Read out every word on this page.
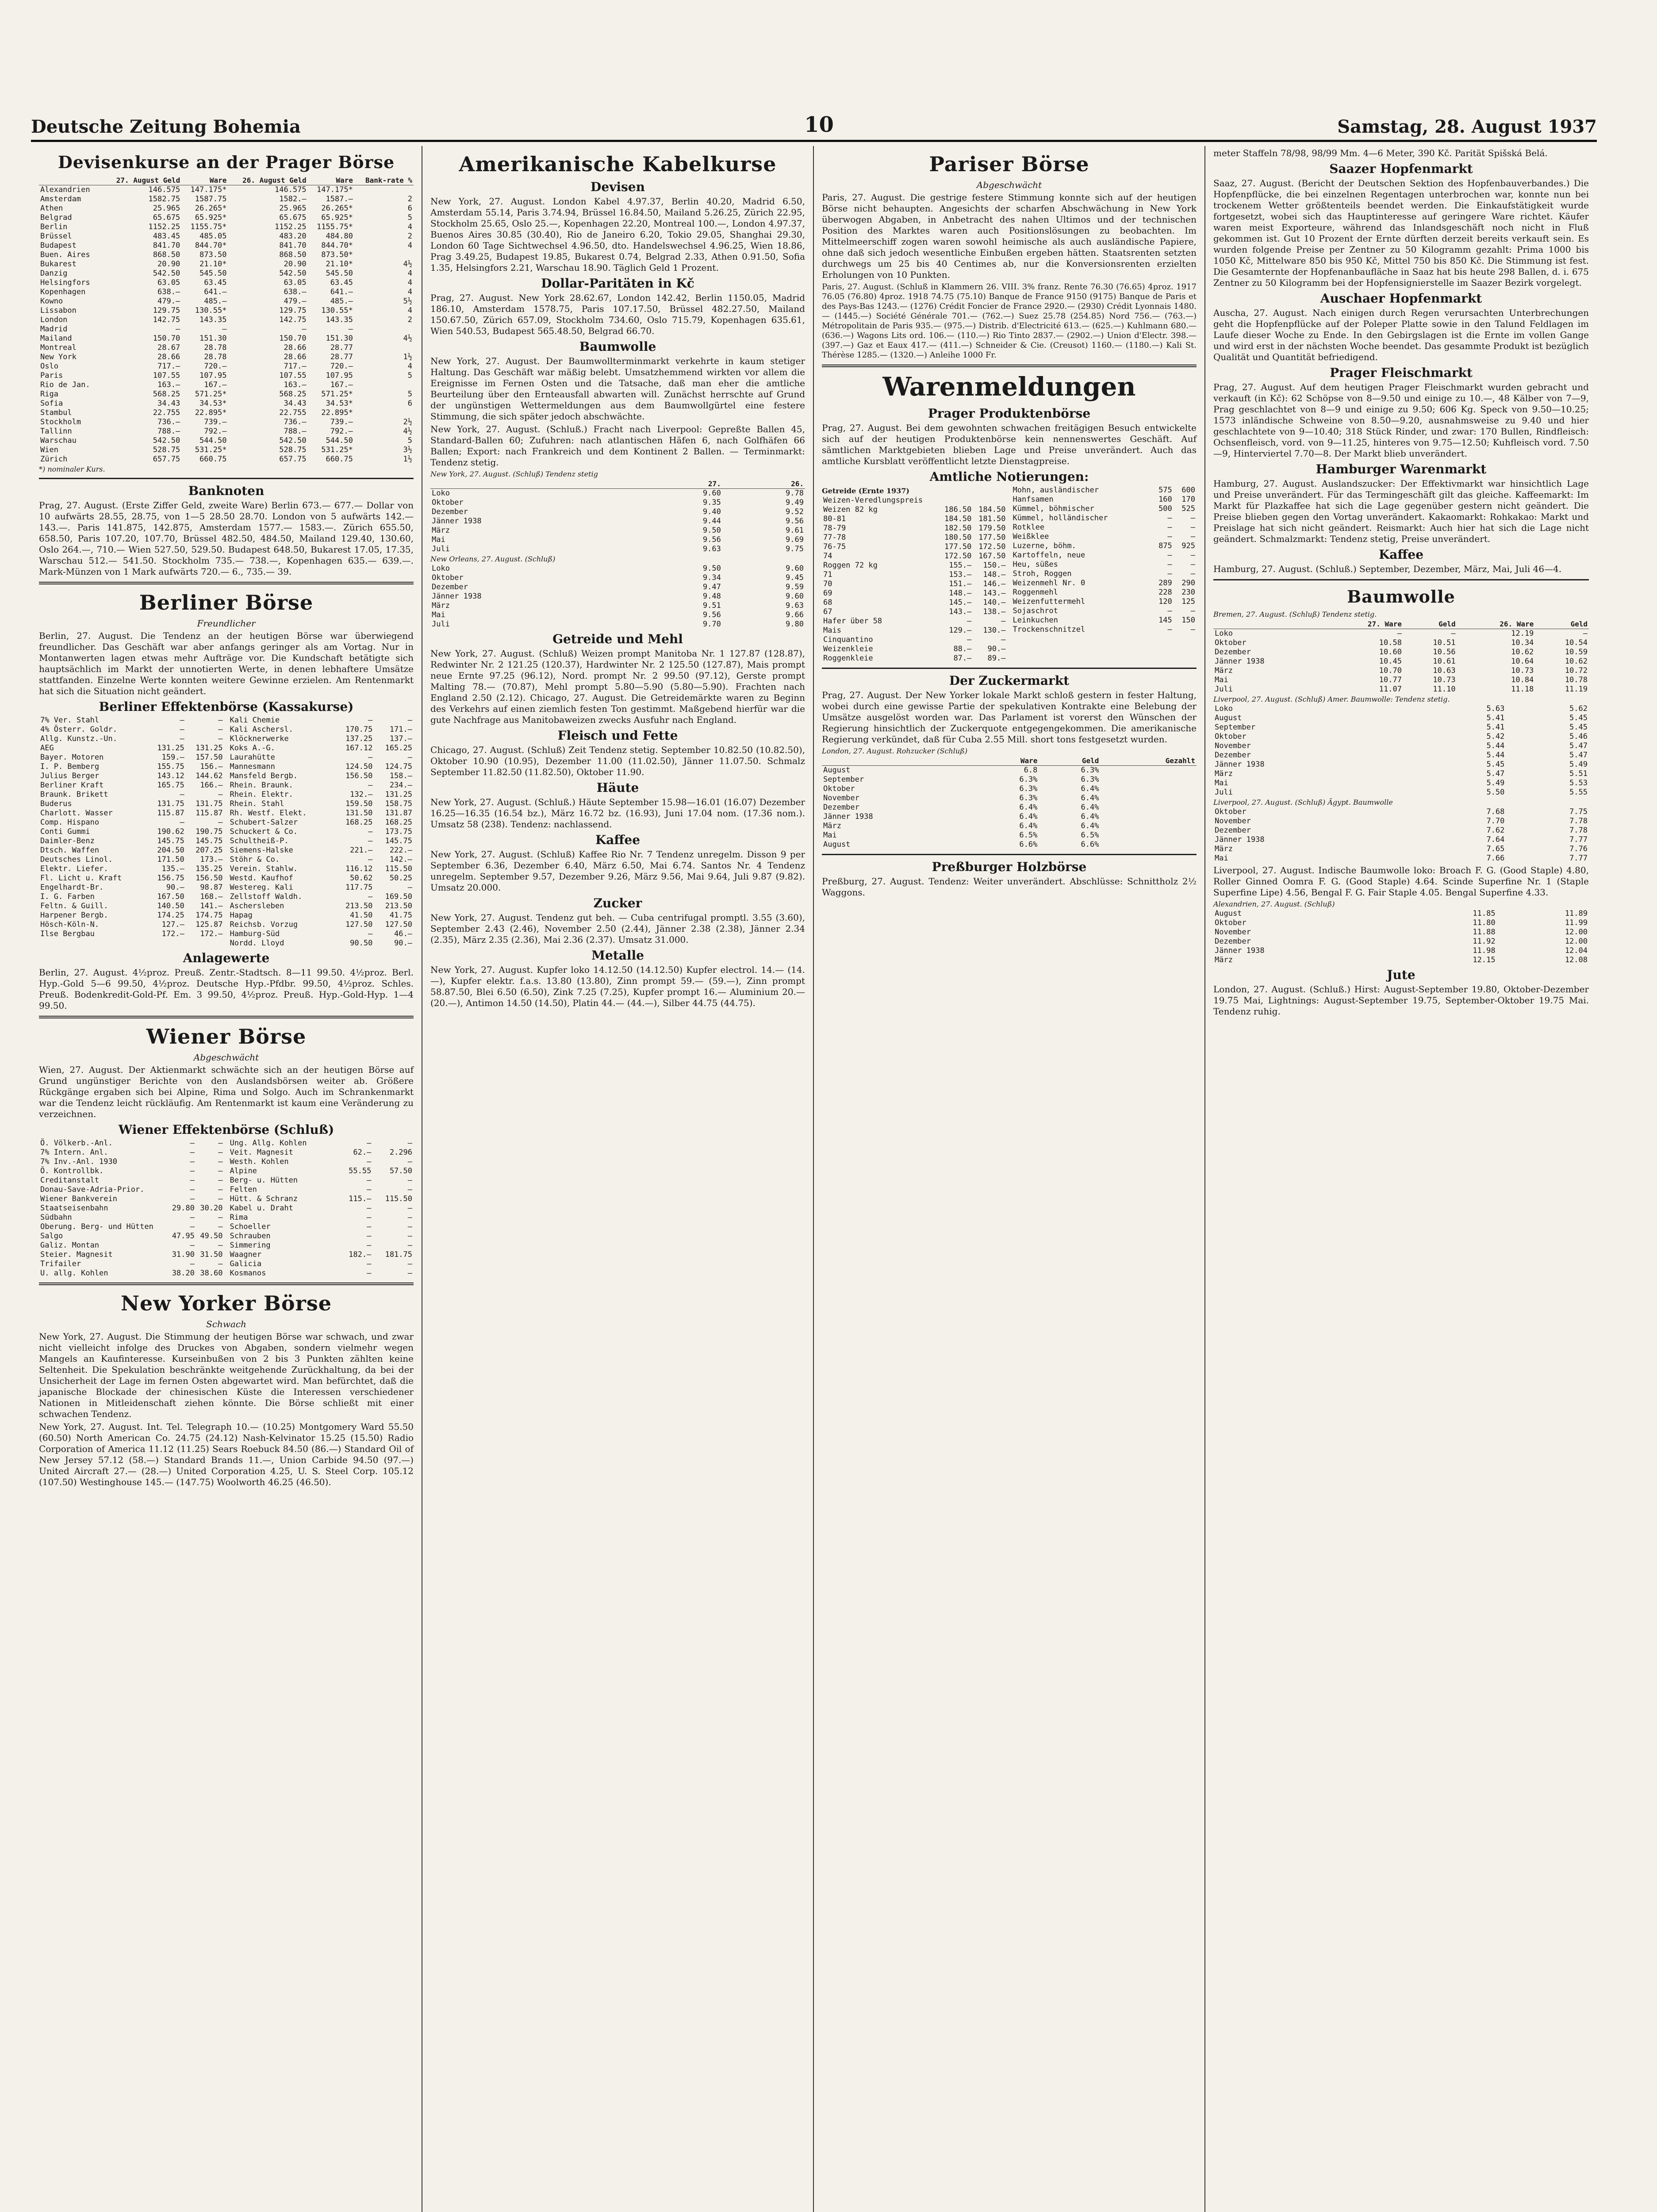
Deutsche Zeitung Bohemia	10	Samstag, 28. August 1937
Devisenkurse an der Prager Börse
	27. August Geld	Ware	26. August Geld	Ware	Bank-rate %
Alexandrien	146.575	147.175*	146.575	147.175*	
Amsterdam	1582.75	1587.75	1582.—	1587.—	2
Athen	25.965	26.265*	25.965	26.265*	6
Belgrad	65.675	65.925*	65.675	65.925*	5
Berlin	1152.25	1155.75*	1152.25	1155.75*	4
Brüssel	483.45	485.05	483.20	484.80	2
Budapest	841.70	844.70*	841.70	844.70*	4
Buen. Aires	868.50	873.50	868.50	873.50*	
Bukarest	20.90	21.10*	20.90	21.10*	4½
Danzig	542.50	545.50	542.50	545.50	4
Helsingfors	63.05	63.45	63.05	63.45	4
Kopenhagen	638.—	641.—	638.—	641.—	4
Kowno	479.—	485.—	479.—	485.—	5½
Lissabon	129.75	130.55*	129.75	130.55*	4
London	142.75	143.35	142.75	143.35	2
Madrid	—	—	—	—	
Mailand	150.70	151.30	150.70	151.30	4½
Montreal	28.67	28.78	28.66	28.77	
New York	28.66	28.78	28.66	28.77	1½
Oslo	717.—	720.—	717.—	720.—	4
Paris	107.55	107.95	107.55	107.95	5
Rio de Jan.	163.—	167.—	163.—	167.—	
Riga	568.25	571.25*	568.25	571.25*	5
Sofia	34.43	34.53*	34.43	34.53*	6
Stambul	22.755	22.895*	22.755	22.895*	
Stockholm	736.—	739.—	736.—	739.—	2½
Tallinn	788.—	792.—	788.—	792.—	4½
Warschau	542.50	544.50	542.50	544.50	5
Wien	528.75	531.25*	528.75	531.25*	3½
Zürich	657.75	660.75	657.75	660.75	1½
*) nominaler Kurs.
Banknoten

Prag, 27. August. (Erste Ziffer Geld, zweite Ware) Berlin 673.— 677.— Dollar von 10 aufwärts 28.55, 28.75, von 1—5 28.50 28.70. London von 5 aufwärts 142.— 143.—. Paris 141.875, 142.875, Amsterdam 1577.— 1583.—. Zürich 655.50, 658.50, Paris 107.20, 107.70, Brüssel 482.50, 484.50, Mailand 129.40, 130.60, Oslo 264.—, 710.— Wien 527.50, 529.50. Budapest 648.50, Bukarest 17.05, 17.35, Warschau 512.— 541.50. Stockholm 735.— 738.—, Kopenhagen 635.— 639.—. Mark-Münzen von 1 Mark aufwärts 720.— 6., 735.— 39.

Berliner Börse
Freundlicher

Berlin, 27. August. Die Tendenz an der heutigen Börse war überwiegend freundlicher. Das Geschäft war aber anfangs geringer als am Vortag. Nur in Montanwerten lagen etwas mehr Aufträge vor. Die Kundschaft betätigte sich hauptsächlich im Markt der unnotierten Werte, in denen lebhaftere Umsätze stattfanden. Einzelne Werte konnten weitere Gewinne erzielen. Am Rentenmarkt hat sich die Situation nicht geändert.

Berliner Effektenbörse (Kassakurse)
7% Ver. Stahl	—	—
4% Österr. Goldr.	—	—
Allg. Kunstz.-Un.	—	—
AEG	131.25	131.25
Bayer. Motoren	159.—	157.50
I. P. Bemberg	155.75	156.—
Julius Berger	143.12	144.62
Berliner Kraft	165.75	166.—
Braunk. Brikett	—	—
Buderus	131.75	131.75
Charlott. Wasser	115.87	115.87
Comp. Hispano	—	—
Conti Gummi	190.62	190.75
Daimler-Benz	145.75	145.75
Dtsch. Waffen	204.50	207.25
Deutsches Linol.	171.50	173.—
Elektr. Liefer.	135.—	135.25
Fl. Licht u. Kraft	156.75	156.50
Engelhardt-Br.	90.—	98.87
I. G. Farben	167.50	168.—
Feltn. & Guill.	140.50	141.—
Harpener Bergb.	174.25	174.75
Hösch-Köln-N.	127.—	125.87
Ilse Bergbau	172.—	172.—
Kali Chemie	—	—
Kali Aschersl.	170.75	171.—
Klöcknerwerke	137.25	137.—
Koks A.-G.	167.12	165.25
Laurahütte	—	—
Mannesmann	124.50	124.75
Mansfeld Bergb.	156.50	158.—
Rhein. Braunk.	—	234.—
Rhein. Elektr.	132.—	131.25
Rhein. Stahl	159.50	158.75
Rh. Westf. Elekt.	131.50	131.87
Schubert-Salzer	168.25	168.25
Schuckert & Co.	—	173.75
Schultheiß-P.	—	145.75
Siemens-Halske	221.—	222.—
Stöhr & Co.	—	142.—
Verein. Stahlw.	116.12	115.50
Westd. Kaufhof	50.62	50.25
Westereg. Kali	117.75	—
Zellstoff Waldh.	—	169.50
Aschersleben	213.50	213.50
Hapag	41.50	41.75
Reichsb. Vorzug	127.50	127.50
Hamburg-Süd	—	46.—
Nordd. Lloyd	90.50	90.—
Anlagewerte

Berlin, 27. August. 4½proz. Preuß. Zentr.-Stadtsch. 8—11 99.50. 4½proz. Berl. Hyp.-Gold 5—6 99.50, 4½proz. Deutsche Hyp.-Pfdbr. 99.50, 4½proz. Schles. Preuß. Bodenkredit-Gold-Pf. Em. 3 99.50, 4½proz. Preuß. Hyp.-Gold-Hyp. 1—4 99.50.

Wiener Börse
Abgeschwächt

Wien, 27. August. Der Aktienmarkt schwächte sich an der heutigen Börse auf Grund ungünstiger Berichte von den Auslandsbörsen weiter ab. Größere Rückgänge ergaben sich bei Alpine, Rima und Solgo. Auch im Schrankenmarkt war die Tendenz leicht rückläufig. Am Rentenmarkt ist kaum eine Veränderung zu verzeichnen.

Wiener Effektenbörse (Schluß)
Ö. Völkerb.-Anl.	—	—
7% Intern. Anl.	—	—
7% Inv.-Anl. 1930	—	—
Ö. Kontrollbk.	—	—
Creditanstalt	—	—
Donau-Save-Adria-Prior.	—	—
Wiener Bankverein	—	—
Staatseisenbahn	29.80	30.20
Südbahn	—	—
Oberung. Berg- und Hütten	—	—
Salgo	47.95	49.50
Galiz. Montan	—	—
Steier. Magnesit	31.90	31.50
Trifailer	—	—
U. allg. Kohlen	38.20	38.60
Ung. Allg. Kohlen	—	—
Veit. Magnesit	62.—	2.296
Westh. Kohlen	—	—
Alpine	55.55	57.50
Berg- u. Hütten	—	—
Felten	—	—
Hütt. & Schranz	115.—	115.50
Kabel u. Draht	—	—
Rima	—	—
Schoeller	—	—
Schrauben	—	—
Simmering	—	—
Waagner	182.—	181.75
Galicia	—	—
Kosmanos	—	—
New Yorker Börse
Schwach

New York, 27. August. Die Stimmung der heutigen Börse war schwach, und zwar nicht vielleicht infolge des Druckes von Abgaben, sondern vielmehr wegen Mangels an Kaufinteresse. Kurseinbußen von 2 bis 3 Punkten zählten keine Seltenheit. Die Spekulation beschränkte weitgehende Zurückhaltung, da bei der Unsicherheit der Lage im fernen Osten abgewartet wird. Man befürchtet, daß die japanische Blockade der chinesischen Küste die Interessen verschiedener Nationen in Mitleidenschaft ziehen könnte. Die Börse schließt mit einer schwachen Tendenz.

New York, 27. August. Int. Tel. Telegraph 10.— (10.25) Montgomery Ward 55.50 (60.50) North American Co. 24.75 (24.12) Nash-Kelvinator 15.25 (15.50) Radio Corporation of America 11.12 (11.25) Sears Roebuck 84.50 (86.—) Standard Oil of New Jersey 57.12 (58.—) Standard Brands 11.—, Union Carbide 94.50 (97.—) United Aircraft 27.— (28.—) United Corporation 4.25, U. S. Steel Corp. 105.12 (107.50) Westinghouse 145.— (147.75) Woolworth 46.25 (46.50).

Amerikanische Kabelkurse
Devisen

New York, 27. August. London Kabel 4.97.37, Berlin 40.20, Madrid 6.50, Amsterdam 55.14, Paris 3.74.94, Brüssel 16.84.50, Mailand 5.26.25, Zürich 22.95, Stockholm 25.65, Oslo 25.—, Kopenhagen 22.20, Montreal 100.—, London 4.97.37, Buenos Aires 30.85 (30.40), Rio de Janeiro 6.20, Tokio 29.05, Shanghai 29.30, London 60 Tage Sichtwechsel 4.96.50, dto. Handelswechsel 4.96.25, Wien 18.86, Prag 3.49.25, Budapest 19.85, Bukarest 0.74, Belgrad 2.33, Athen 0.91.50, Sofia 1.35, Helsingfors 2.21, Warschau 18.90. Täglich Geld 1 Prozent.

Dollar-Paritäten in Kč

Prag, 27. August. New York 28.62.67, London 142.42, Berlin 1150.05, Madrid 186.10, Amsterdam 1578.75, Paris 107.17.50, Brüssel 482.27.50, Mailand 150.67.50, Zürich 657.09, Stockholm 734.60, Oslo 715.79, Kopenhagen 635.61, Wien 540.53, Budapest 565.48.50, Belgrad 66.70.

Baumwolle

New York, 27. August. Der Baumwollterminmarkt verkehrte in kaum stetiger Haltung. Das Geschäft war mäßig belebt. Umsatzhemmend wirkten vor allem die Ereignisse im Fernen Osten und die Tatsache, daß man eher die amtliche Beurteilung über den Ernteausfall abwarten will. Zunächst herrschte auf Grund der ungünstigen Wettermeldungen aus dem Baumwollgürtel eine festere Stimmung, die sich später jedoch abschwächte.

New York, 27. August. (Schluß.) Fracht nach Liverpool: Gepreßte Ballen 45, Standard-Ballen 60; Zufuhren: nach atlantischen Häfen 6, nach Golfhäfen 66 Ballen; Export: nach Frankreich und dem Kontinent 2 Ballen. — Terminmarkt: Tendenz stetig.

New York, 27. August. (Schluß) Tendenz stetig
	27.	26.
Loko	9.60	9.78
Oktober	9.35	9.49
Dezember	9.40	9.52
Jänner 1938	9.44	9.56
März	9.50	9.61
Mai	9.56	9.69
Juli	9.63	9.75
New Orleans, 27. August. (Schluß)
Loko	9.50	9.60
Oktober	9.34	9.45
Dezember	9.47	9.59
Jänner 1938	9.48	9.60
März	9.51	9.63
Mai	9.56	9.66
Juli	9.70	9.80
Getreide und Mehl

New York, 27. August. (Schluß) Weizen prompt Manitoba Nr. 1 127.87 (128.87), Redwinter Nr. 2 121.25 (120.37), Hardwinter Nr. 2 125.50 (127.87), Mais prompt neue Ernte 97.25 (96.12), Nord. prompt Nr. 2 99.50 (97.12), Gerste prompt Malting 78.— (70.87), Mehl prompt 5.80—5.90 (5.80—5.90). Frachten nach England 2.50 (2.12). Chicago, 27. August. Die Getreidemärkte waren zu Beginn des Verkehrs auf einen ziemlich festen Ton gestimmt. Maßgebend hierfür war die gute Nachfrage aus Manitobaweizen zwecks Ausfuhr nach England.

Fleisch und Fette

Chicago, 27. August. (Schluß) Zeit Tendenz stetig. September 10.82.50 (10.82.50), Oktober 10.90 (10.95), Dezember 11.00 (11.02.50), Jänner 11.07.50. Schmalz September 11.82.50 (11.82.50), Oktober 11.90.

Häute

New York, 27. August. (Schluß.) Häute September 15.98—16.01 (16.07) Dezember 16.25—16.35 (16.54 bz.), März 16.72 bz. (16.93), Juni 17.04 nom. (17.36 nom.). Umsatz 58 (238). Tendenz: nachlassend.

Kaffee

New York, 27. August. (Schluß) Kaffee Rio Nr. 7 Tendenz unregelm. Disson 9 per September 6.36, Dezember 6.40, März 6.50, Mai 6.74. Santos Nr. 4 Tendenz unregelm. September 9.57, Dezember 9.26, März 9.56, Mai 9.64, Juli 9.87 (9.82). Umsatz 20.000.

Zucker

New York, 27. August. Tendenz gut beh. — Cuba centrifugal promptl. 3.55 (3.60), September 2.43 (2.46), November 2.50 (2.44), Jänner 2.38 (2.38), Jänner 2.34 (2.35), März 2.35 (2.36), Mai 2.36 (2.37). Umsatz 31.000.

Metalle

New York, 27. August. Kupfer loko 14.12.50 (14.12.50) Kupfer electrol. 14.— (14.—), Kupfer elektr. f.a.s. 13.80 (13.80), Zinn prompt 59.— (59.—), Zinn prompt 58.87.50, Blei 6.50 (6.50), Zink 7.25 (7.25), Kupfer prompt 16.— Aluminium 20.— (20.—), Antimon 14.50 (14.50), Platin 44.— (44.—), Silber 44.75 (44.75).

Pariser Börse
Abgeschwächt

Paris, 27. August. Die gestrige festere Stimmung konnte sich auf der heutigen Börse nicht behaupten. Angesichts der scharfen Abschwächung in New York überwogen Abgaben, in Anbetracht des nahen Ultimos und der technischen Position des Marktes waren auch Positionslösungen zu beobachten. Im Mittelmeerschiff zogen waren sowohl heimische als auch ausländische Papiere, ohne daß sich jedoch wesentliche Einbußen ergeben hätten. Staatsrenten setzten durchwegs um 25 bis 40 Centimes ab, nur die Konversionsrenten erzielten Erholungen von 10 Punkten.

Paris, 27. August. (Schluß in Klammern 26. VIII. 3% franz. Rente 76.30 (76.65) 4proz. 1917 76.05 (76.80) 4proz. 1918 74.75 (75.10) Banque de France 9150 (9175) Banque de Paris et des Pays-Bas 1243.— (1276) Crédit Foncier de France 2920.— (2930) Crédit Lyonnais 1480.— (1445.—) Société Générale 701.— (762.—) Suez 25.78 (254.85) Nord 756.— (763.—) Métropolitain de Paris 935.— (975.—) Distrib. d'Electricité 613.— (625.—) Kuhlmann 680.— (636.—) Wagons Lits ord. 106.— (110.—) Rio Tinto 2837.— (2902.—) Union d'Electr. 398.— (397.—) Gaz et Eaux 417.— (411.—) Schneider & Cie. (Creusot) 1160.— (1180.—) Kali St. Thérèse 1285.— (1320.—) Anleihe 1000 Fr.

Warenmeldungen
Prager Produktenbörse

Prag, 27. August. Bei dem gewohnten schwachen freitägigen Besuch entwickelte sich auf der heutigen Produktenbörse kein nennenswertes Geschäft. Auf sämtlichen Marktgebieten blieben Lage und Preise unverändert. Auch das amtliche Kursblatt veröffentlicht letzte Dienstagpreise.

Amtliche Notierungen:
Getreide (Ernte 1937)
Weizen-Veredlungspreis		
Weizen 82 kg	186.50	184.50
80-81	184.50	181.50
78-79	182.50	179.50
77-78	180.50	177.50
76-75	177.50	172.50
74	172.50	167.50
Roggen 72 kg	155.—	150.—
71	153.—	148.—
70	151.—	146.—
69	148.—	143.—
68	145.—	140.—
67	143.—	138.—
Hafer über 58	—	—
Mais	129.—	130.—
Cinquantino	—	—
Weizenkleie	88.—	90.—
Roggenkleie	87.—	89.—
Mohn, ausländischer	575	600
Hanfsamen	160	170
Kümmel, böhmischer	500	525
Kümmel, holländischer	—	—
Rotklee	—	—
Weißklee	—	—
Luzerne, böhm.	875	925
Kartoffeln, neue	—	—
Heu, süßes	—	—
Stroh, Roggen	—	—
Weizenmehl Nr. 0	289	290
Roggenmehl	228	230
Weizenfuttermehl	120	125
Sojaschrot	—	—
Leinkuchen	145	150
Trockenschnitzel	—	—
Der Zuckermarkt

Prag, 27. August. Der New Yorker lokale Markt schloß gestern in fester Haltung, wobei durch eine gewisse Partie der spekulativen Kontrakte eine Belebung der Umsätze ausgelöst worden war. Das Parlament ist vorerst den Wünschen der Regierung hinsichtlich der Zuckerquote entgegengekommen. Die amerikanische Regierung verkündet, daß für Cuba 2.55 Mill. short tons festgesetzt wurden.

London, 27. August. Rohzucker (Schluß)
	Ware	Geld	Gezahlt
August	6.8	6.3%	
September	6.3%	6.3%	
Oktober	6.3%	6.4%	
November	6.3%	6.4%	
Dezember	6.4%	6.4%	
Jänner 1938	6.4%	6.4%	
März	6.4%	6.4%	
Mai	6.5%	6.5%	
August	6.6%	6.6%	
Preßburger Holzbörse

Preßburg, 27. August. Tendenz: Weiter unverändert. Abschlüsse: Schnittholz 2½ Waggons.

meter Staffeln 78/98, 98/99 Mm. 4—6 Meter, 390 Kč. Parität Spišská Belá.

Saazer Hopfenmarkt

Saaz, 27. August. (Bericht der Deutschen Sektion des Hopfenbauverbandes.) Die Hopfenpflücke, die bei einzelnen Regentagen unterbrochen war, konnte nun bei trockenem Wetter größtenteils beendet werden. Die Einkaufstätigkeit wurde fortgesetzt, wobei sich das Hauptinteresse auf geringere Ware richtet. Käufer waren meist Exporteure, während das Inlandsgeschäft noch nicht in Fluß gekommen ist. Gut 10 Prozent der Ernte dürften derzeit bereits verkauft sein. Es wurden folgende Preise per Zentner zu 50 Kilogramm gezahlt: Prima 1000 bis 1050 Kč, Mittelware 850 bis 950 Kč, Mittel 750 bis 850 Kč. Die Stimmung ist fest. Die Gesamternte der Hopfenanbaufläche in Saaz hat bis heute 298 Ballen, d. i. 675 Zentner zu 50 Kilogramm bei der Hopfensignierstelle im Saazer Bezirk vorgelegt.

Auschaer Hopfenmarkt

Auscha, 27. August. Nach einigen durch Regen verursachten Unterbrechungen geht die Hopfenpflücke auf der Poleper Platte sowie in den Talund Feldlagen im Laufe dieser Woche zu Ende. In den Gebirgslagen ist die Ernte im vollen Gange und wird erst in der nächsten Woche beendet. Das gesammte Produkt ist bezüglich Qualität und Quantität befriedigend.

Prager Fleischmarkt

Prag, 27. August. Auf dem heutigen Prager Fleischmarkt wurden gebracht und verkauft (in Kč): 62 Schöpse von 8—9.50 und einige zu 10.—, 48 Kälber von 7—9, Prag geschlachtet von 8—9 und einige zu 9.50; 606 Kg. Speck von 9.50—10.25; 1573 inländische Schweine von 8.50—9.20, ausnahmsweise zu 9.40 und hier geschlachtete von 9—10.40; 318 Stück Rinder, und zwar: 170 Bullen, Rindfleisch: Ochsenfleisch, vord. von 9—11.25, hinteres von 9.75—12.50; Kuhfleisch vord. 7.50—9, Hinterviertel 7.70—8. Der Markt blieb unverändert.

Hamburger Warenmarkt

Hamburg, 27. August. Auslandszucker: Der Effektivmarkt war hinsichtlich Lage und Preise unverändert. Für das Termingeschäft gilt das gleiche. Kaffeemarkt: Im Markt für Plazkaffee hat sich die Lage gegenüber gestern nicht geändert. Die Preise blieben gegen den Vortag unverändert. Kakaomarkt: Rohkakao: Markt und Preislage hat sich nicht geändert. Reismarkt: Auch hier hat sich die Lage nicht geändert. Schmalzmarkt: Tendenz stetig, Preise unverändert.

Kaffee

Hamburg, 27. August. (Schluß.) September, Dezember, März, Mai, Juli 46—4.

Baumwolle
Bremen, 27. August. (Schluß) Tendenz stetig.
	27. Ware	Geld	26. Ware	Geld
Loko	—	—	12.19	—
Oktober	10.58	10.51	10.34	10.54
Dezember	10.60	10.56	10.62	10.59
Jänner 1938	10.45	10.61	10.64	10.62
März	10.70	10.63	10.73	10.72
Mai	10.77	10.73	10.84	10.78
Juli	11.07	11.10	11.18	11.19
Liverpool, 27. August. (Schluß) Amer. Baumwolle: Tendenz stetig.
Loko	5.63	5.62
August	5.41	5.45
September	5.41	5.45
Oktober	5.42	5.46
November	5.44	5.47
Dezember	5.44	5.47
Jänner 1938	5.45	5.49
März	5.47	5.51
Mai	5.49	5.53
Juli	5.50	5.55
Liverpool, 27. August. (Schluß) Ägypt. Baumwolle
Oktober	7.68	7.75
November	7.70	7.78
Dezember	7.62	7.78
Jänner 1938	7.64	7.77
März	7.65	7.76
Mai	7.66	7.77

Liverpool, 27. August. Indische Baumwolle loko: Broach F. G. (Good Staple) 4.80, Roller Ginned Oomra F. G. (Good Staple) 4.64. Scinde Superfine Nr. 1 (Staple Superfine Lipe) 4.56, Bengal F. G. Fair Staple 4.05. Bengal Superfine 4.33.

Alexandrien, 27. August. (Schluß)
August	11.85	11.89
Oktober	11.80	11.99
November	11.88	12.00
Dezember	11.92	12.00
Jänner 1938	11.98	12.04
März	12.15	12.08
Jute

London, 27. August. (Schluß.) Hirst: August-September 19.80, Oktober-Dezember 19.75 Mai, Lightnings: August-September 19.75, September-Oktober 19.75 Mai. Tendenz ruhig.
